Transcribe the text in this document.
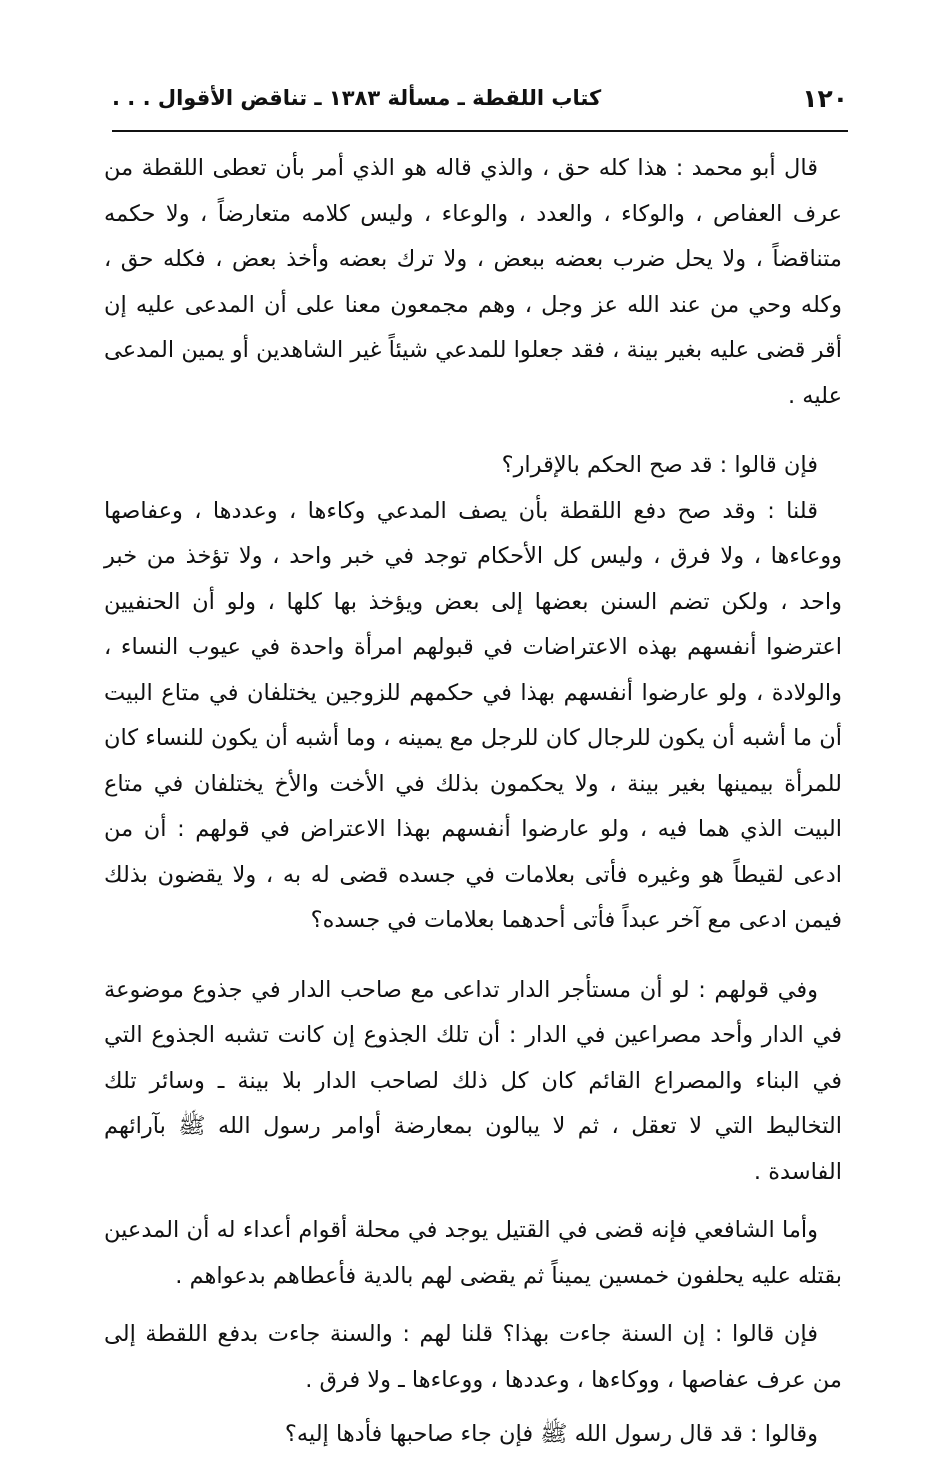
١٢٠
كتاب اللقطة ـ مسألة ١٣٨٣ ـ تناقض الأقوال . . .

قال أبو محمد : هذا كله حق ، والذي قاله هو الذي أمر بأن تعطى اللقطة من عرف العفاص ، والوكاء ، والعدد ، والوعاء ، وليس كلامه متعارضاً ، ولا حكمه متناقضاً ، ولا يحل ضرب بعضه ببعض ، ولا ترك بعضه وأخذ بعض ، فكله حق ، وكله وحي من عند الله عز وجل ، وهم مجمعون معنا على أن المدعى عليه إن أقر قضى عليه بغير بينة ، فقد جعلوا للمدعي شيئاً غير الشاهدين أو يمين المدعى عليه .

فإن قالوا : قد صح الحكم بالإقرار؟

قلنا : وقد صح دفع اللقطة بأن يصف المدعي وكاءها ، وعددها ، وعفاصها ووعاءها ، ولا فرق ، وليس كل الأحكام توجد في خبر واحد ، ولا تؤخذ من خبر واحد ، ولكن تضم السنن بعضها إلى بعض ويؤخذ بها كلها ، ولو أن الحنفيين اعترضوا أنفسهم بهذه الاعتراضات في قبولهم امرأة واحدة في عيوب النساء ، والولادة ، ولو عارضوا أنفسهم بهذا في حكمهم للزوجين يختلفان في متاع البيت أن ما أشبه أن يكون للرجال كان للرجل مع يمينه ، وما أشبه أن يكون للنساء كان للمرأة بيمينها بغير بينة ، ولا يحكمون بذلك في الأخت والأخ يختلفان في متاع البيت الذي هما فيه ، ولو عارضوا أنفسهم بهذا الاعتراض في قولهم : أن من ادعى لقيطاً هو وغيره فأتى بعلامات في جسده قضى له به ، ولا يقضون بذلك فيمن ادعى مع آخر عبداً فأتى أحدهما بعلامات في جسده؟

وفي قولهم : لو أن مستأجر الدار تداعى مع صاحب الدار في جذوع موضوعة في الدار وأحد مصراعين في الدار : أن تلك الجذوع إن كانت تشبه الجذوع التي في البناء والمصراع القائم كان كل ذلك لصاحب الدار بلا بينة ـ وسائر تلك التخاليط التي لا تعقل ، ثم لا يبالون بمعارضة أوامر رسول الله ﷺ بآرائهم الفاسدة .

وأما الشافعي فإنه قضى في القتيل يوجد في محلة أقوام أعداء له أن المدعين بقتله عليه يحلفون خمسين يميناً ثم يقضى لهم بالدية فأعطاهم بدعواهم .

فإن قالوا : إن السنة جاءت بهذا؟ قلنا لهم : والسنة جاءت بدفع اللقطة إلى من عرف عفاصها ، ووكاءها ، وعددها ، ووعاءها ـ ولا فرق .

وقالوا : قد قال رسول الله ﷺ فإن جاء صاحبها فأدها إليه؟
